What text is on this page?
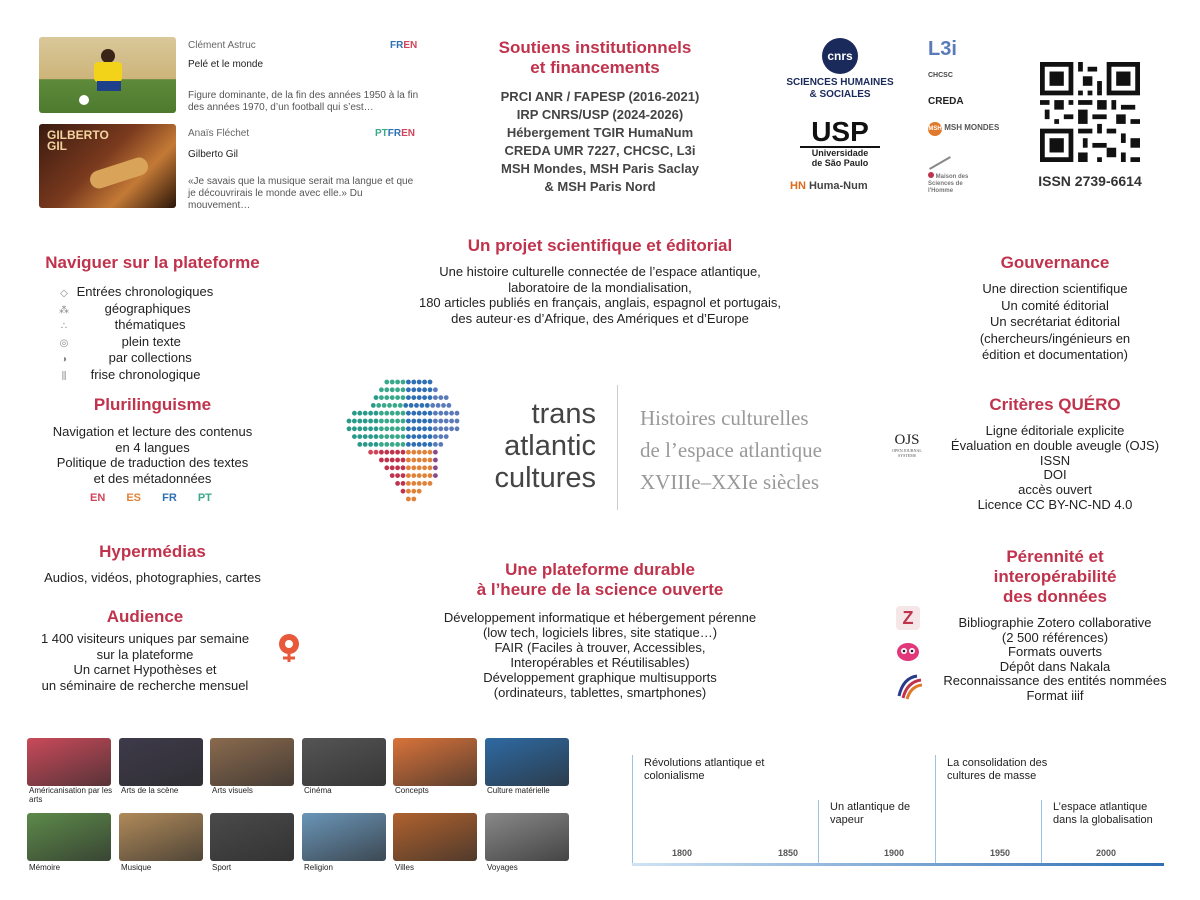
Clément Astruc	FREN
Pelé et le monde
Figure dominante, de la fin des années 1950 à la fin des années 1970, d’un football qui s’est…
GILBERTO
GIL
Anaïs Fléchet	PTFREN
Gilberto Gil
«Je savais que la musique serait ma langue et que je découvrirais le monde avec elle.» Du mouvement…
Soutiens institutionnels
et financements
PRCI ANR / FAPESP (2016-2021)
IRP CNRS/USP (2024-2026)
Hébergement TGIR HumaNum
CREDA UMR 7227, CHCSC, L3i
MSH Mondes, MSH Paris Saclay
& MSH Paris Nord
cnrs
SCIENCES HUMAINES
& SOCIALES
USP
Universidade
de São Paulo
HN Huma-Num
L3i
CHCSC
CREDA
MSH MSH MONDES
Maison des Sciences de l'Homme
ISSN 2739-6614
Un projet scientifique et éditorial
Une histoire culturelle connectée de l’espace atlantique,
laboratoire de la mondialisation,
180 articles publiés en français, anglais, espagnol et portugais,
des auteur·es d’Afrique, des Amériques et d’Europe
Naviguer sur la plateforme
◇ Entrées chronologiques
⁂	géographiques
∴	thématiques
◎	plein texte
◑	par collections
⫼ frise chronologique
Gouvernance
Une direction scientifique
Un comité éditorial
Un secrétariat éditorial
(chercheurs/ingénieurs en
édition et documentation)
Plurilinguisme
Navigation et lecture des contenus
en 4 langues
Politique de traduction des textes
et des métadonnées
EN ES FR PT
trans
atlantic
cultures
Histoires culturelles
de l’espace atlantique
XVIIIe–XXIe siècles
Critères QUÉRO
OJS
OPEN JOURNAL SYSTEMS
Ligne éditoriale explicite
Évaluation en double aveugle (OJS)
ISSN
DOI
accès ouvert
Licence CC BY-NC-ND 4.0
Hypermédias
Audios, vidéos, photographies, cartes
Audience
1 400 visiteurs uniques par semaine
sur la plateforme
Un carnet Hypothèses et
un séminaire de recherche mensuel
Une plateforme durable
à l’heure de la science ouverte
Développement informatique et hébergement pérenne
(low tech, logiciels libres, site statique…)
FAIR (Faciles à trouver, Accessibles,
Interopérables et Réutilisables)
Développement graphique multisupports
(ordinateurs, tablettes, smartphones)
Pérennité et
interopérabilité
des données
Z	Bibliographie Zotero collaborative
(2 500 références)
Formats ouverts
Dépôt dans Nakala
Reconnaissance des entités nommées
Format iiif
Américanisation par les arts
Arts de la scène	Arts visuels	Cinéma	Concepts	Culture matérielle
Mémoire	Musique	Sport	Religion	Villes	Voyages
Révolutions atlantique et colonialisme
Un atlantique de vapeur
La consolidation des cultures de masse
L’espace atlantique dans la globalisation
1800	1850	1900	1950	2000
